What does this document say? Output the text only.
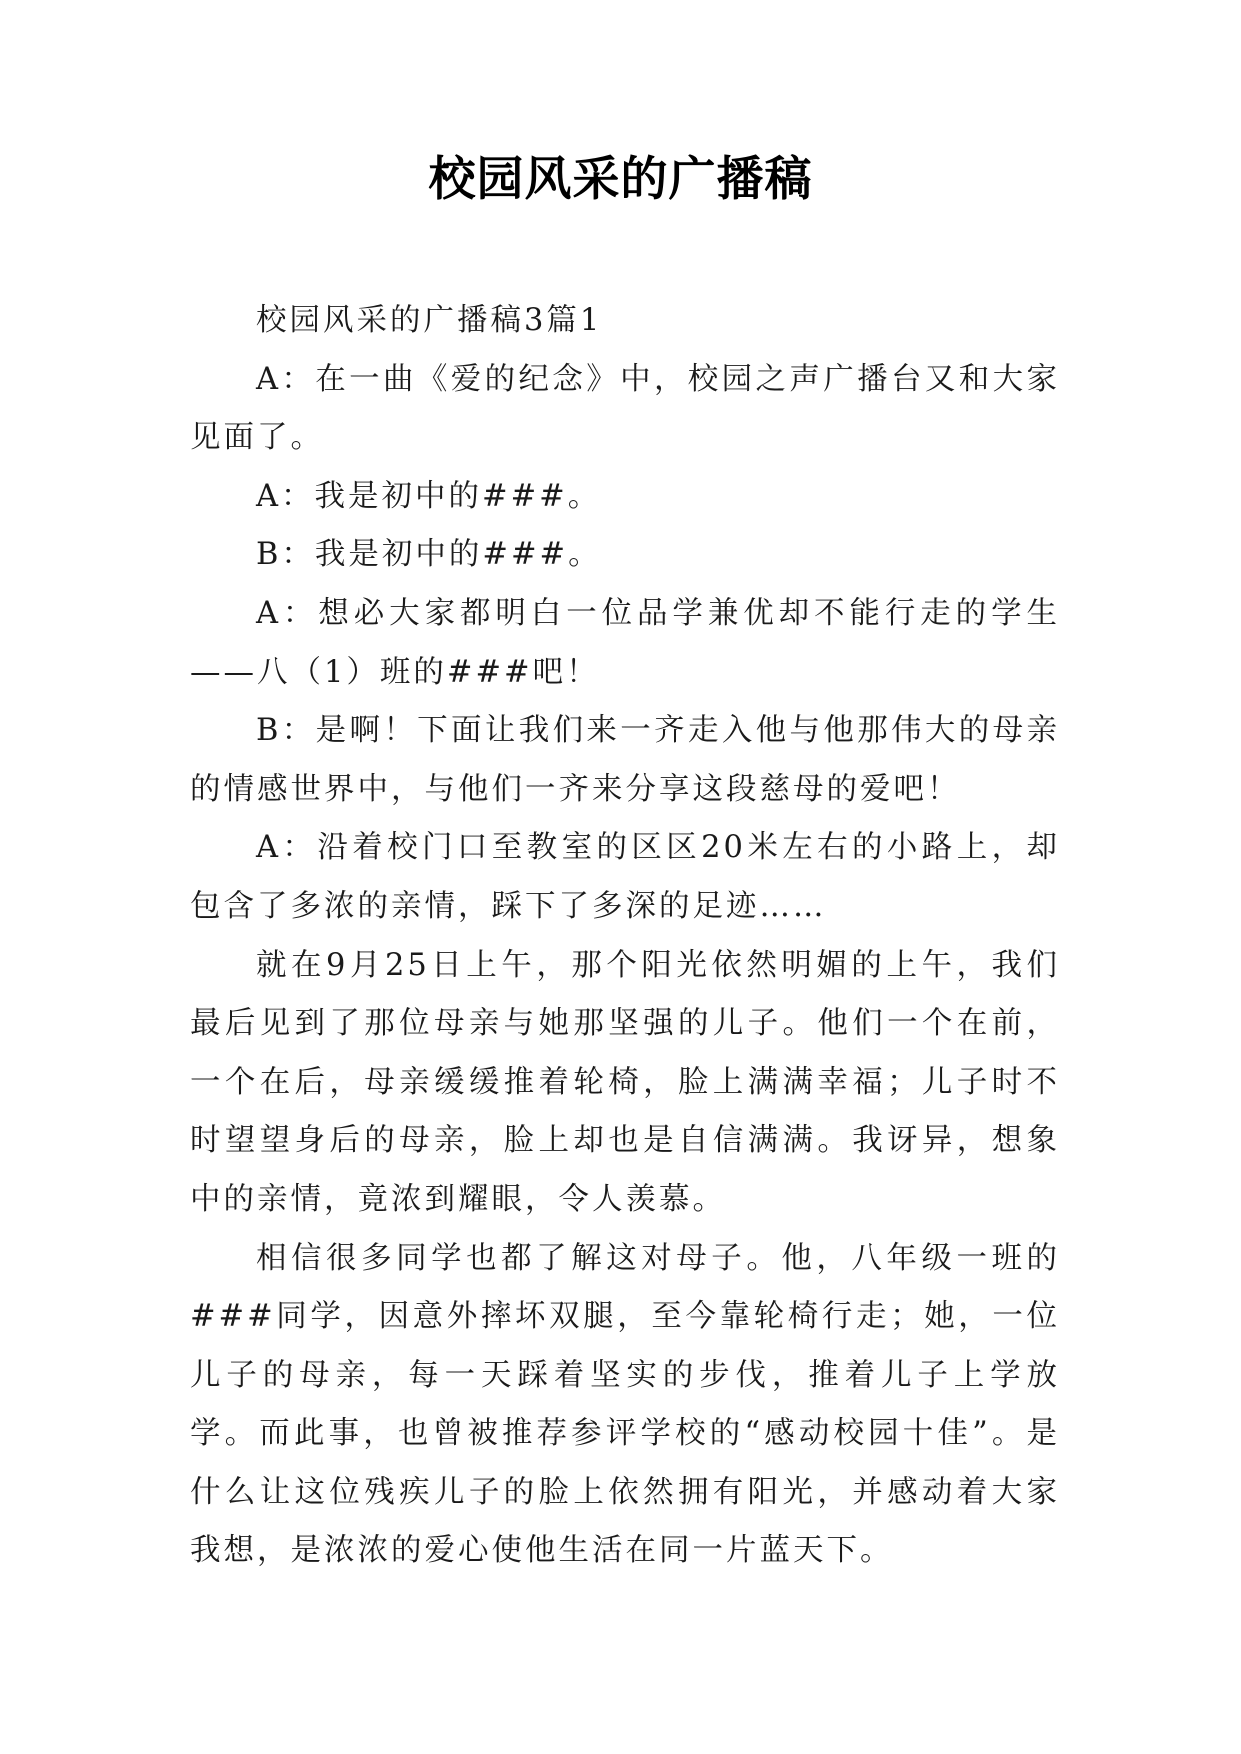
校园风采的广播稿

校园风采的广播稿3篇1

A：在一曲《爱的纪念》中，校园之声广播台又和大家见面了。

A：我是初中的###。

B：我是初中的###。

A：想必大家都明白一位品学兼优却不能行走的学生——八（1）班的###吧！

B：是啊！下面让我们来一齐走入他与他那伟大的母亲的情感世界中，与他们一齐来分享这段慈母的爱吧！

A：沿着校门口至教室的区区20米左右的小路上，却包含了多浓的亲情，踩下了多深的足迹……

就在9月25日上午，那个阳光依然明媚的上午，我们最后见到了那位母亲与她那坚强的儿子。他们一个在前，一个在后，母亲缓缓推着轮椅，脸上满满幸福；儿子时不时望望身后的母亲，脸上却也是自信满满。我讶异，想象中的亲情，竟浓到耀眼，令人羡慕。

相信很多同学也都了解这对母子。他，八年级一班的###同学，因意外摔坏双腿，至今靠轮椅行走；她，一位儿子的母亲，每一天踩着坚实的步伐，推着儿子上学放学。而此事，也曾被推荐参评学校的“感动校园十佳”。是什么让这位残疾儿子的脸上依然拥有阳光，并感动着大家我想，是浓浓的爱心使他生活在同一片蓝天下。
